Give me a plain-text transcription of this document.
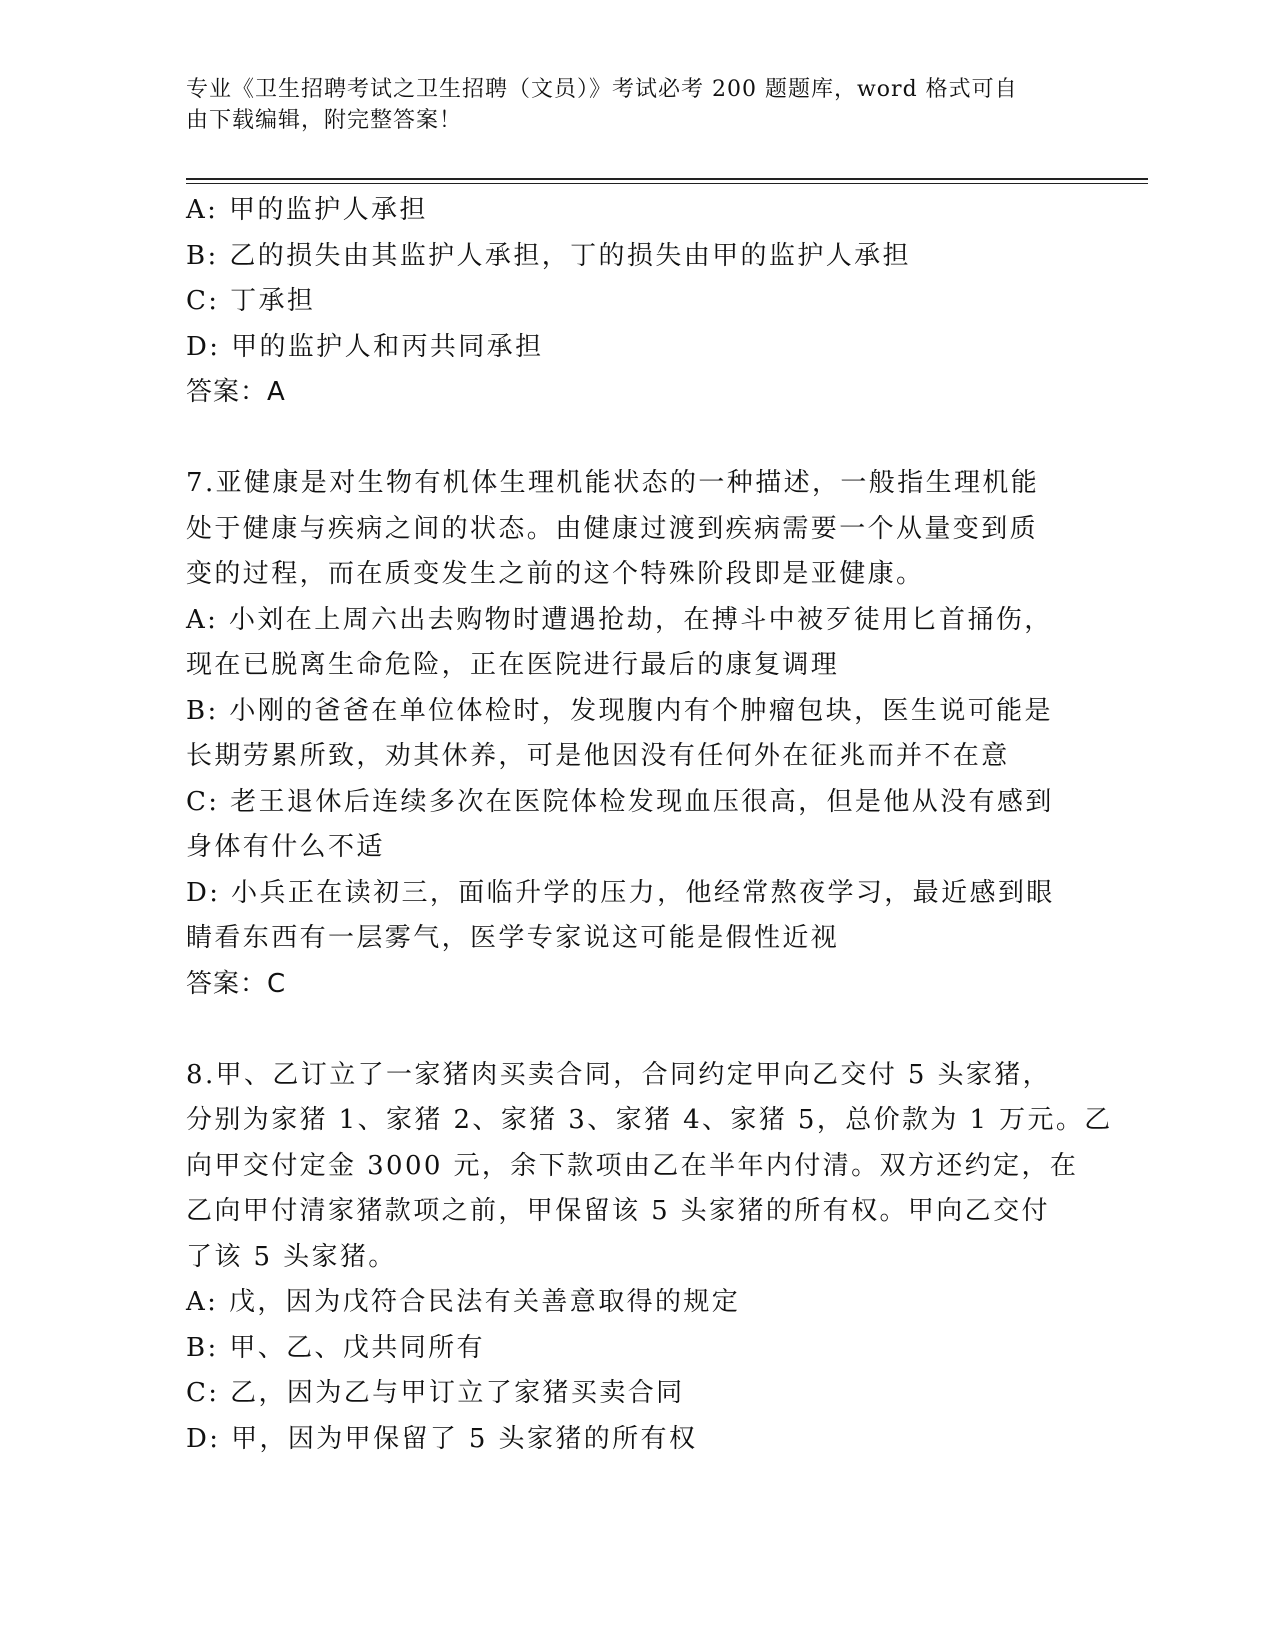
专业《卫生招聘考试之卫生招聘（文员）》考试必考 200 题题库，word 格式可自
由下载编辑，附完整答案！
A: 甲的监护人承担
B: 乙的损失由其监护人承担，丁的损失由甲的监护人承担
C: 丁承担
D: 甲的监护人和丙共同承担
答案：A
7.亚健康是对生物有机体生理机能状态的一种描述，一般指生理机能
处于健康与疾病之间的状态。由健康过渡到疾病需要一个从量变到质
变的过程，而在质变发生之前的这个特殊阶段即是亚健康。
A: 小刘在上周六出去购物时遭遇抢劫，在搏斗中被歹徒用匕首捅伤，
现在已脱离生命危险，正在医院进行最后的康复调理
B: 小刚的爸爸在单位体检时，发现腹内有个肿瘤包块，医生说可能是
长期劳累所致，劝其休养，可是他因没有任何外在征兆而并不在意
C: 老王退休后连续多次在医院体检发现血压很高，但是他从没有感到
身体有什么不适
D: 小兵正在读初三，面临升学的压力，他经常熬夜学习，最近感到眼
睛看东西有一层雾气，医学专家说这可能是假性近视
答案：C
8.甲、乙订立了一家猪肉买卖合同，合同约定甲向乙交付 5 头家猪，
分别为家猪 1、家猪 2、家猪 3、家猪 4、家猪 5，总价款为 1 万元。乙
向甲交付定金 3000 元，余下款项由乙在半年内付清。双方还约定，在
乙向甲付清家猪款项之前，甲保留该 5 头家猪的所有权。甲向乙交付
了该 5 头家猪。
A: 戊，因为戊符合民法有关善意取得的规定
B: 甲、乙、戊共同所有
C: 乙，因为乙与甲订立了家猪买卖合同
D: 甲，因为甲保留了 5 头家猪的所有权
